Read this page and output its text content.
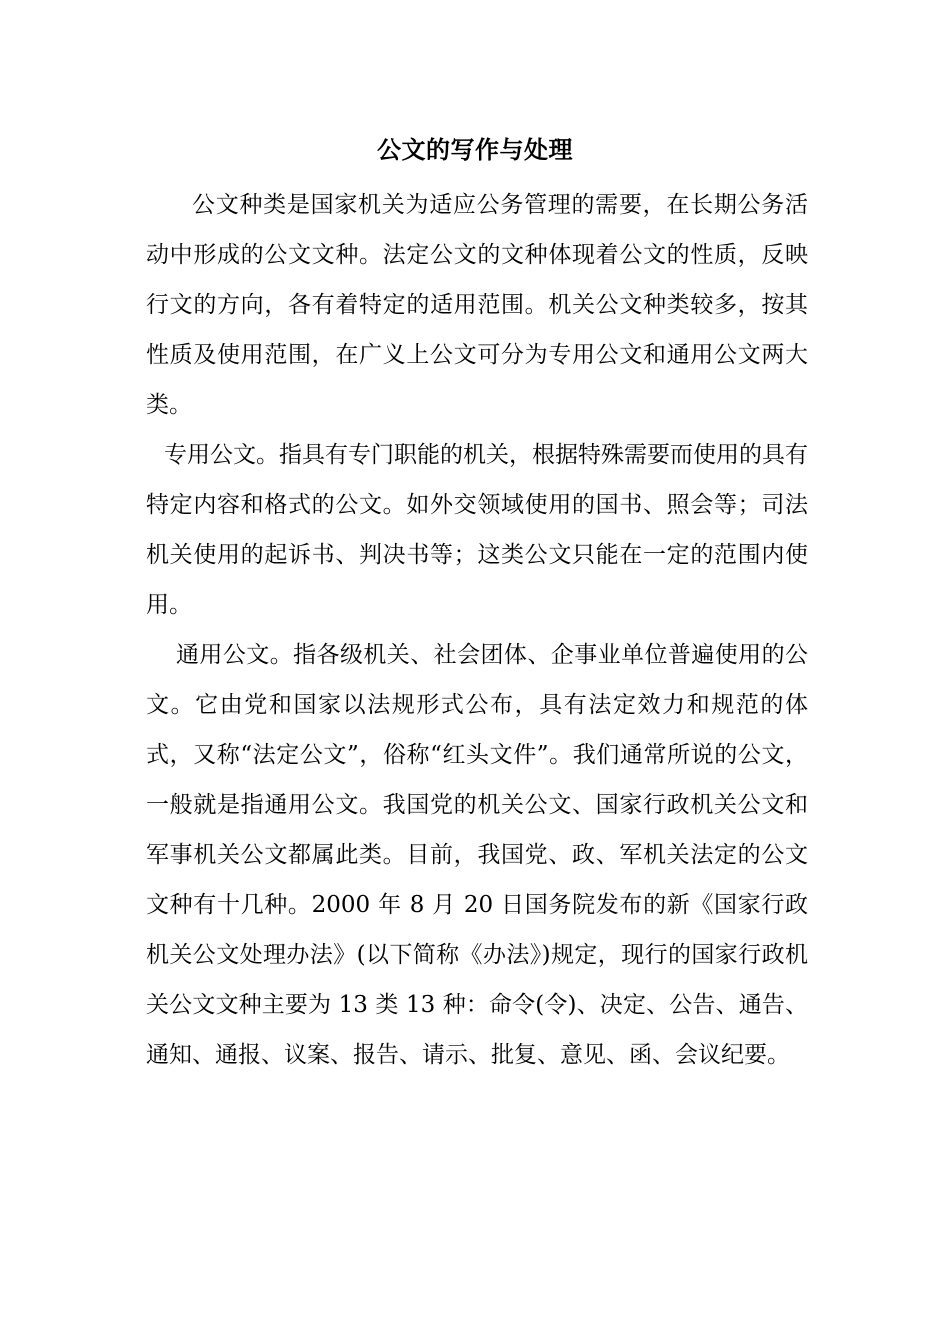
公文的写作与处理

公文种类是国家机关为适应公务管理的需要，在长期公务活动中形成的公文文种。法定公文的文种体现着公文的性质，反映行文的方向，各有着特定的适用范围。机关公文种类较多，按其性质及使用范围，在广义上公文可分为专用公文和通用公文两大类。

专用公文。指具有专门职能的机关，根据特殊需要而使用的具有特定内容和格式的公文。如外交领域使用的国书、照会等；司法机关使用的起诉书、判决书等；这类公文只能在一定的范围内使用。

通用公文。指各级机关、社会团体、企事业单位普遍使用的公文。它由党和国家以法规形式公布，具有法定效力和规范的体式，又称“法定公文”，俗称“红头文件”。我们通常所说的公文，一般就是指通用公文。我国党的机关公文、国家行政机关公文和军事机关公文都属此类。目前，我国党、政、军机关法定的公文文种有十几种。2000 年 8 月 20 日国务院发布的新《国家行政机关公文处理办法》(以下简称《办法》)规定，现行的国家行政机关公文文种主要为 13 类 13 种：命令(令)、决定、公告、通告、通知、通报、议案、报告、请示、批复、意见、函、会议纪要。
